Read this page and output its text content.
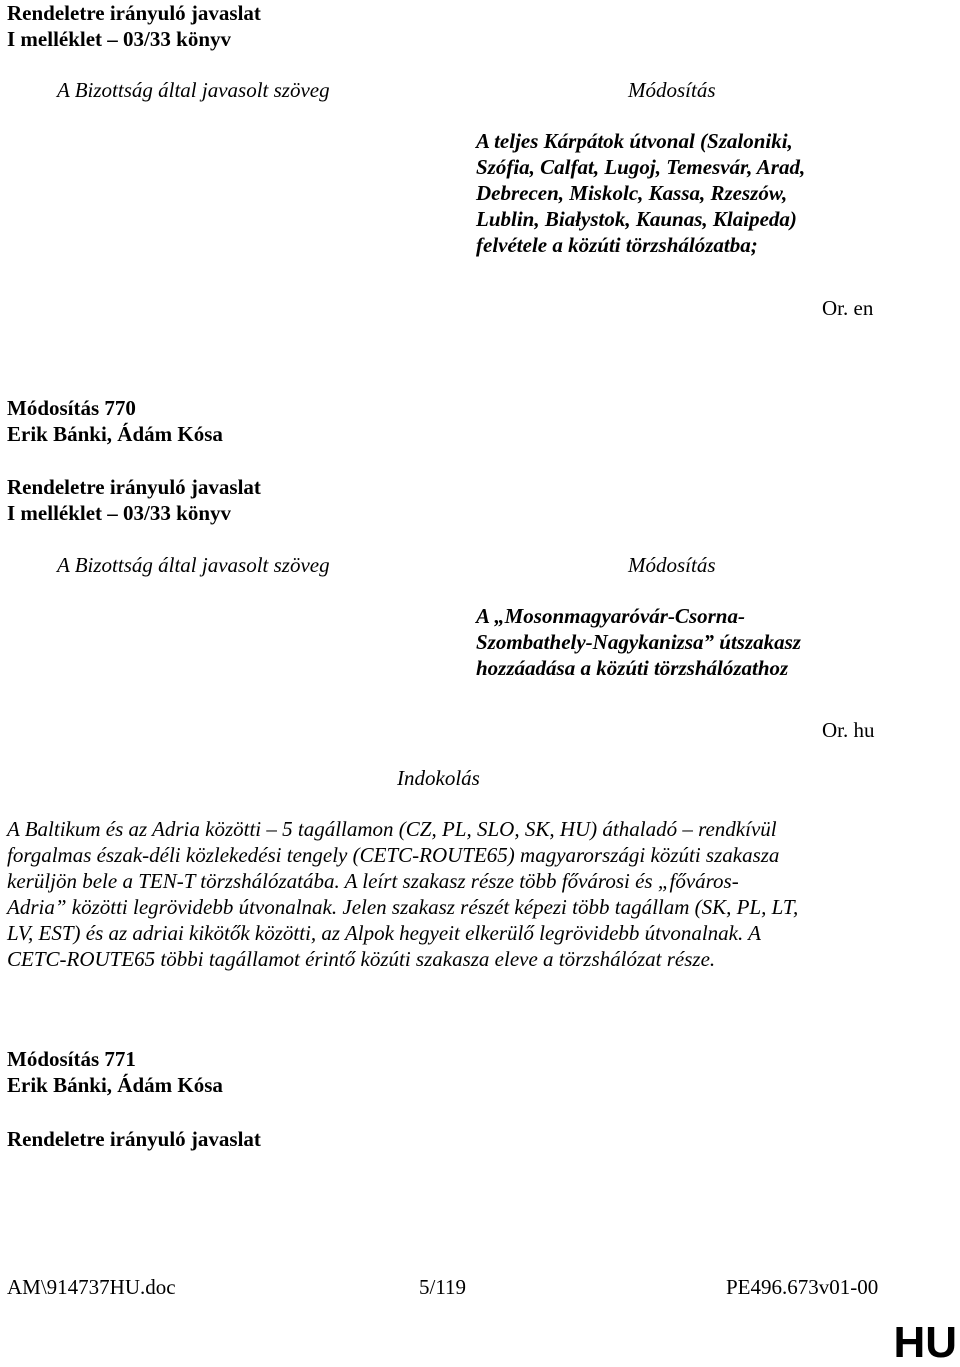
Rendeletre irányuló javaslat
I melléklet – 03/33 könyv
A Bizottság által javasolt szöveg	Módosítás
A teljes Kárpátok útvonal (Szaloniki,
Szófia, Calfat, Lugoj, Temesvár, Arad,
Debrecen, Miskolc, Kassa, Rzeszów,
Lublin, Białystok, Kaunas, Klaipeda)
felvétele a közúti törzshálózatba;
Or. en
Módosítás 770
Erik Bánki, Ádám Kósa
Rendeletre irányuló javaslat
I melléklet – 03/33 könyv
A Bizottság által javasolt szöveg	Módosítás
A „Mosonmagyaróvár-Csorna-
Szombathely-Nagykanizsa” útszakasz
hozzáadása a közúti törzshálózathoz
Or. hu
Indokolás
A Baltikum és az Adria közötti – 5 tagállamon (CZ, PL, SLO, SK, HU) áthaladó – rendkívül
forgalmas észak-déli közlekedési tengely (CETC-ROUTE65) magyarországi közúti szakasza
kerüljön bele a TEN-T törzshálózatába. A leírt szakasz része több fővárosi és „főváros-
Adria” közötti legrövidebb útvonalnak. Jelen szakasz részét képezi több tagállam (SK, PL, LT,
LV, EST) és az adriai kikötők közötti, az Alpok hegyeit elkerülő legrövidebb útvonalnak. A
CETC-ROUTE65 többi tagállamot érintő közúti szakasza eleve a törzshálózat része.
Módosítás 771
Erik Bánki, Ádám Kósa
Rendeletre irányuló javaslat
AM\914737HU.doc	5/119	PE496.673v01-00
HU
